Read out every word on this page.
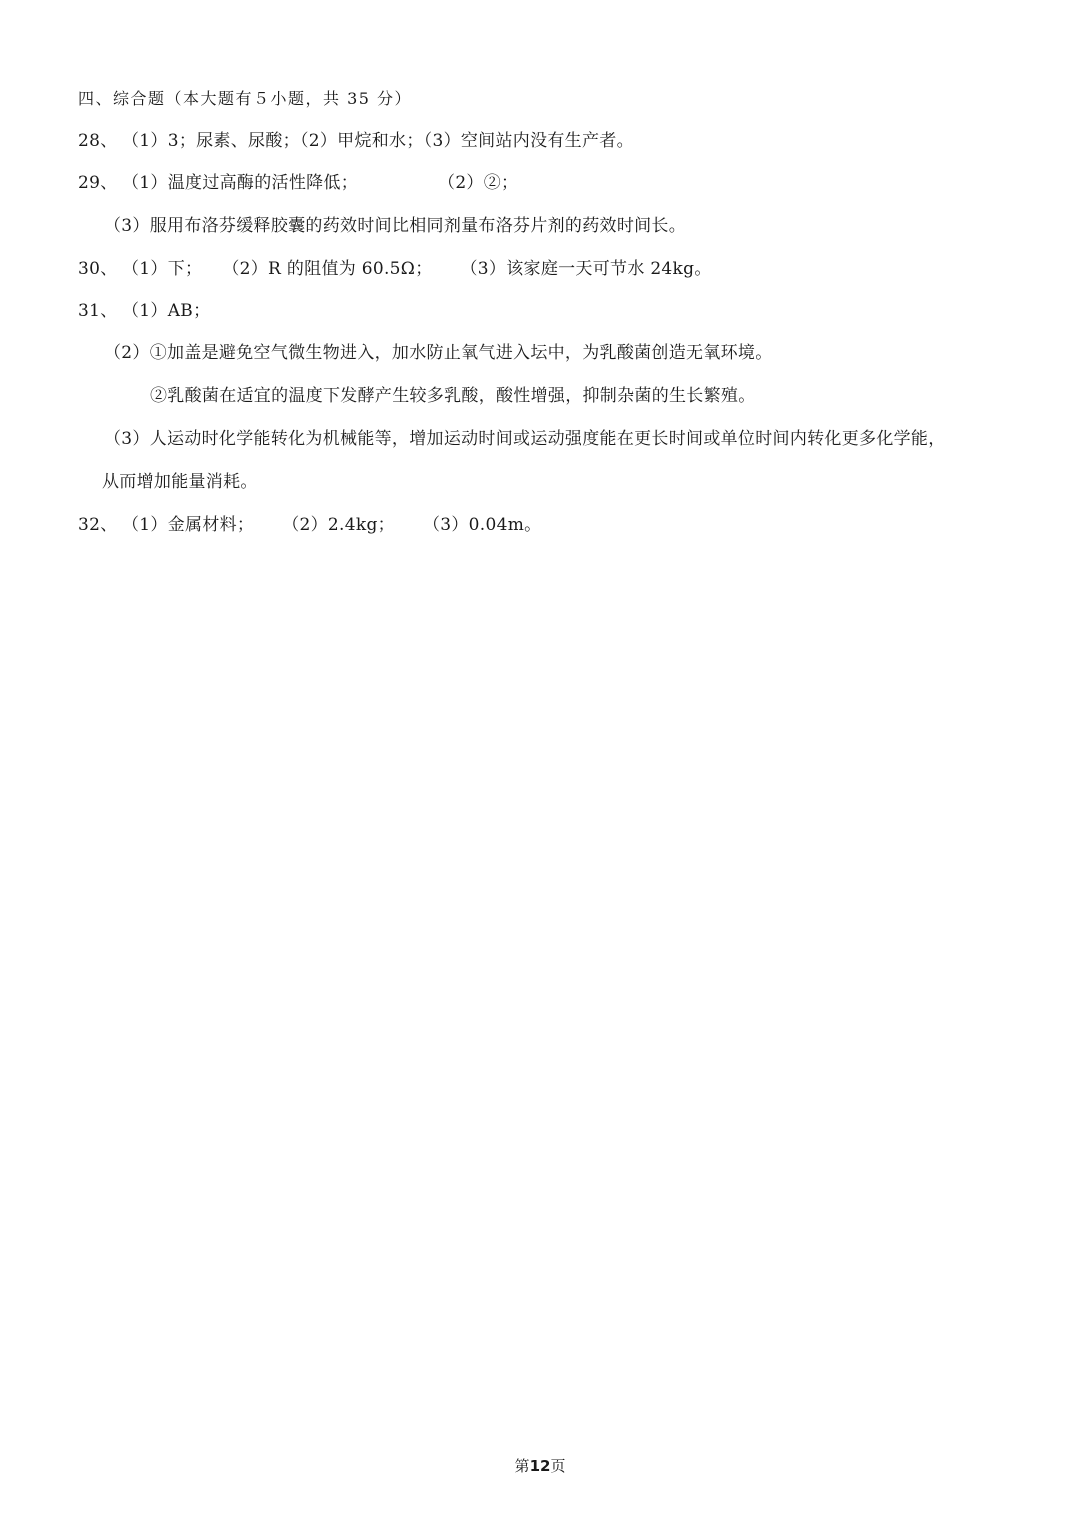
四、综合题（本大题有５小题，共 35 分）
28、 （1）3；尿素、尿酸；（2）甲烷和水；（3）空间站内没有生产者。
29、 （1）温度过高酶的活性降低；	（2）②；
（3）服用布洛芬缓释胶囊的药效时间比相同剂量布洛芬片剂的药效时间长。
30、 （1）下； （2）R 的阻值为 60.5Ω； （3）该家庭一天可节水 24kg。
31、 （1）AB；
（2）①加盖是避免空气微生物进入，加水防止氧气进入坛中，为乳酸菌创造无氧环境。
②乳酸菌在适宜的温度下发酵产生较多乳酸，酸性增强，抑制杂菌的生长繁殖。
（3）人运动时化学能转化为机械能等，增加运动时间或运动强度能在更长时间或单位时间内转化更多化学能，
从而增加能量消耗。
32、 （1）金属材料； （2）2.4kg； （3）0.04m。
第12页
